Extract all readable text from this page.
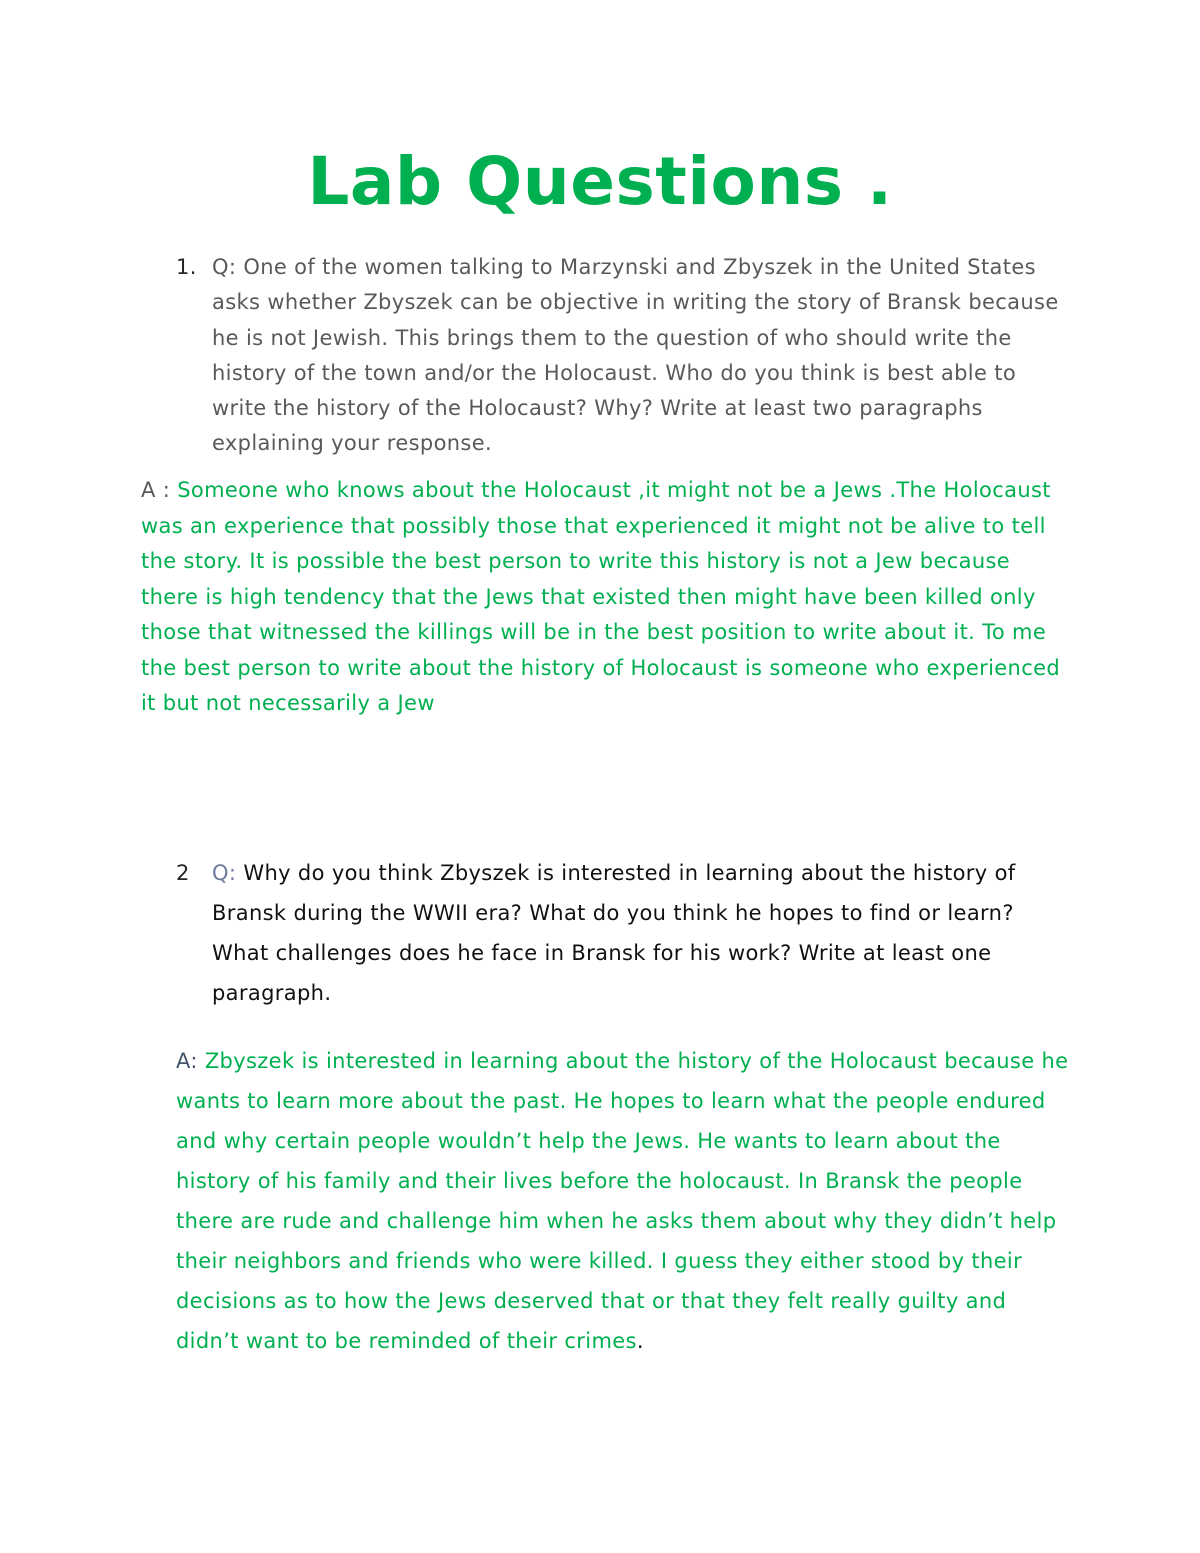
Lab Questions .
1. Q: One of the women talking to Marzynski and Zbyszek in the United States asks whether Zbyszek can be objective in writing the story of Bransk because he is not Jewish. This brings them to the question of who should write the history of the town and/or the Holocaust. Who do you think is best able to write the history of the Holocaust? Why? Write at least two paragraphs explaining your response.
A : Someone who knows about the Holocaust ,it might not be a Jews .The Holocaust was an experience that possibly those that experienced it might not be alive to tell the story. It is possible the best person to write this history is not a Jew because there is high tendency that the Jews that existed then might have been killed only those that witnessed the killings will be in the best position to write about it. To me the best person to write about the history of Holocaust is someone who experienced it but not necessarily a Jew
2 Q: Why do you think Zbyszek is interested in learning about the history of Bransk during the WWII era? What do you think he hopes to find or learn? What challenges does he face in Bransk for his work? Write at least one paragraph.
A: Zbyszek is interested in learning about the history of the Holocaust because he wants to learn more about the past. He hopes to learn what the people endured and why certain people wouldn’t help the Jews. He wants to learn about the history of his family and their lives before the holocaust. In Bransk the people there are rude and challenge him when he asks them about why they didn’t help their neighbors and friends who were killed. I guess they either stood by their decisions as to how the Jews deserved that or that they felt really guilty and didn’t want to be reminded of their crimes.
